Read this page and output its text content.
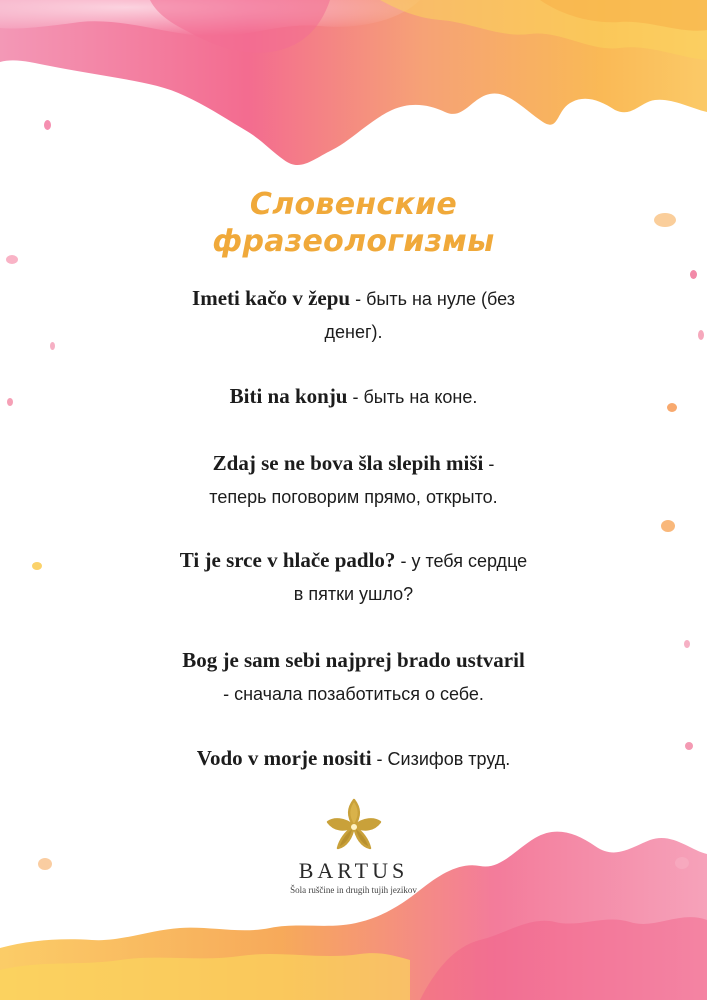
Словенские
фразеологизмы
Imeti kačo v žepu - быть на нуле (без
денег).
Biti na konju - быть на коне.
Zdaj se ne bova šla slepih miši -
теперь поговорим прямо, открыто.
Ti je srce v hlače padlo? - у тебя сердце
в пятки ушло?
Bog je sam sebi najprej brado ustvaril
- сначала позаботиться о себе.
Vodo v morje nositi - Сизифов труд.
BARTUS
Šola ruščine in drugih tujih jezikov
